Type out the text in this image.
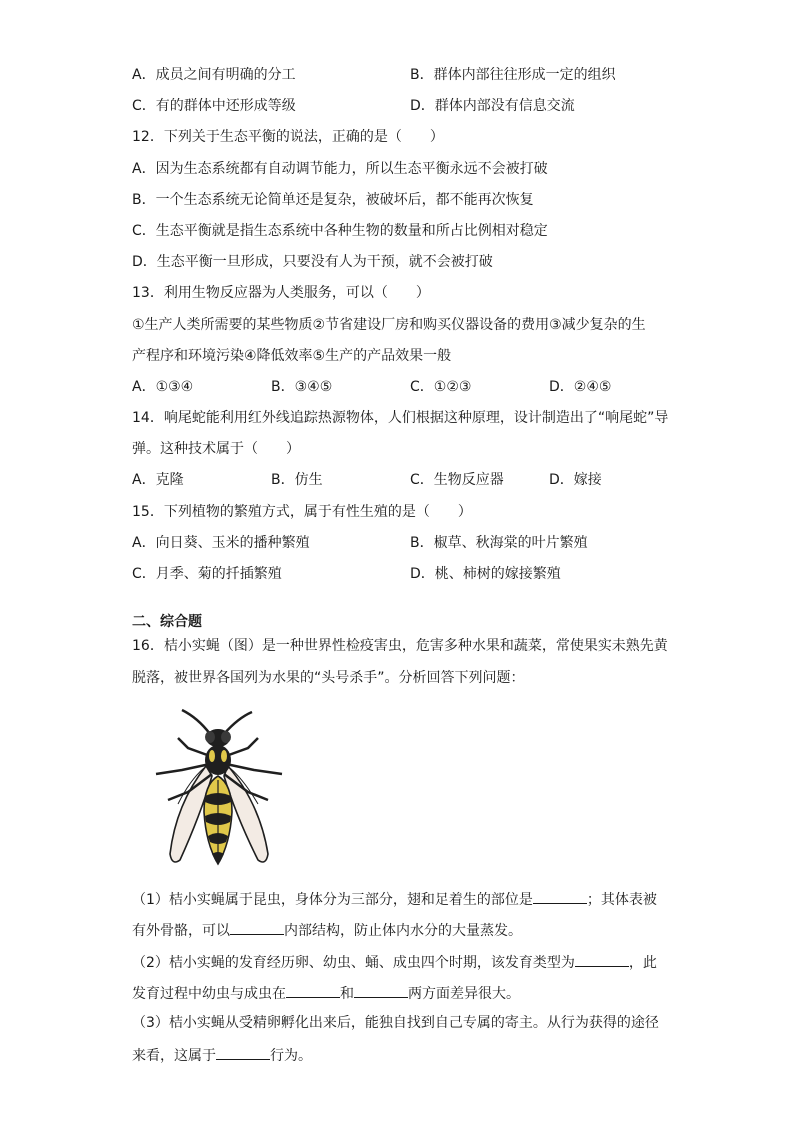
A．成员之间有明确的分工	B．群体内部往往形成一定的组织
C．有的群体中还形成等级	D．群体内部没有信息交流
12．下列关于生态平衡的说法，正确的是（　　）
A．因为生态系统都有自动调节能力，所以生态平衡永远不会被打破
B．一个生态系统无论简单还是复杂，被破坏后，都不能再次恢复
C．生态平衡就是指生态系统中各种生物的数量和所占比例相对稳定
D．生态平衡一旦形成，只要没有人为干预，就不会被打破
13．利用生物反应器为人类服务，可以（　　）
①生产人类所需要的某些物质②节省建设厂房和购买仪器设备的费用③减少复杂的生
产程序和环境污染④降低效率⑤生产的产品效果一般
A．①③④	B．③④⑤	C．①②③	D．②④⑤
14．响尾蛇能利用红外线追踪热源物体，人们根据这种原理，设计制造出了“响尾蛇”导
弹。这种技术属于（　　）
A．克隆	B．仿生	C．生物反应器	D．嫁接
15．下列植物的繁殖方式，属于有性生殖的是（　　）
A．向日葵、玉米的播种繁殖	B．椒草、秋海棠的叶片繁殖
C．月季、菊的扦插繁殖	D．桃、柿树的嫁接繁殖
二、综合题
16．桔小实蝇（图）是一种世界性检疫害虫，危害多种水果和蔬菜，常使果实未熟先黄
脱落，被世界各国列为水果的“头号杀手”。分析回答下列问题：
（1）桔小实蝇属于昆虫，身体分为三部分，翅和足着生的部位是	；其体表被
有外骨骼，可以	内部结构，防止体内水分的大量蒸发。
（2）桔小实蝇的发育经历卵、幼虫、蛹、成虫四个时期，该发育类型为	，此
发育过程中幼虫与成虫在	和	两方面差异很大。
（3）桔小实蝇从受精卵孵化出来后，能独自找到自己专属的寄主。从行为获得的途径
来看，这属于	行为。
